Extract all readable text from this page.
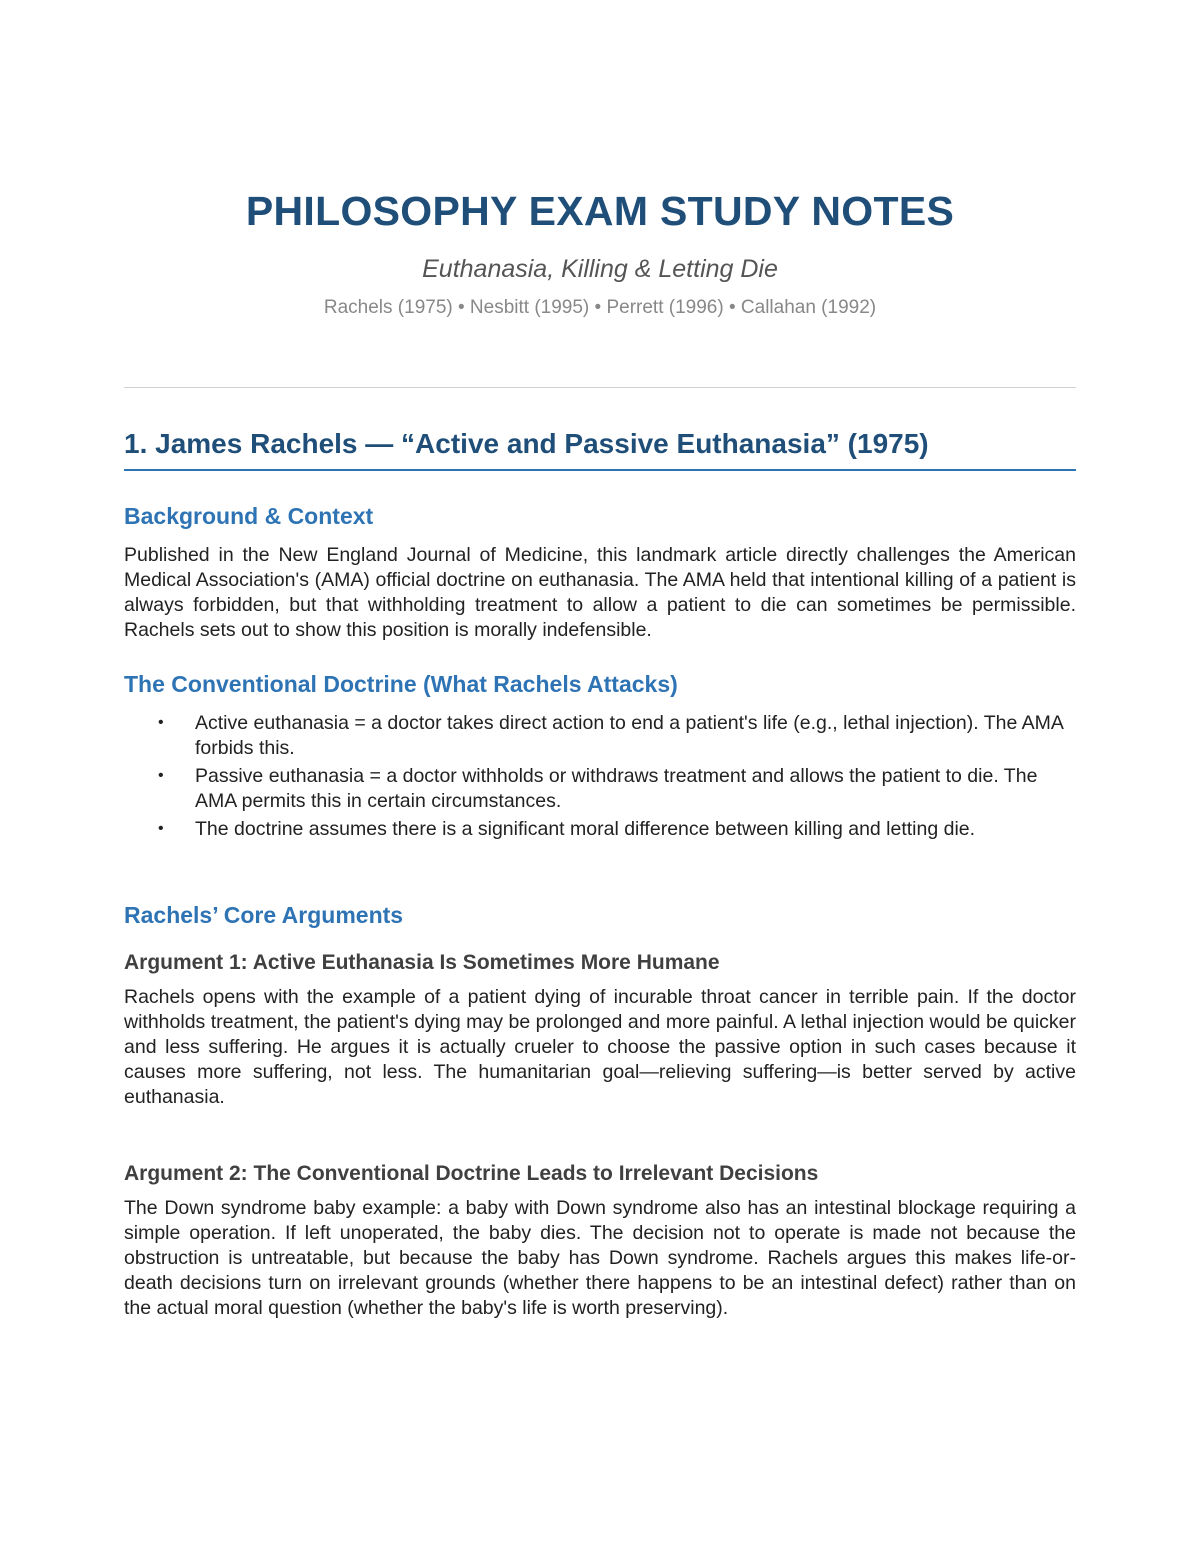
PHILOSOPHY EXAM STUDY NOTES

Euthanasia, Killing & Letting Die

Rachels (1975) • Nesbitt (1995) • Perrett (1996) • Callahan (1992)

1. James Rachels — “Active and Passive Euthanasia” (1975)
Background & Context

Published in the New England Journal of Medicine, this landmark article directly challenges the American Medical Association's (AMA) official doctrine on euthanasia. The AMA held that intentional killing of a patient is always forbidden, but that withholding treatment to allow a patient to die can sometimes be permissible. Rachels sets out to show this position is morally indefensible.

The Conventional Doctrine (What Rachels Attacks)
• Active euthanasia = a doctor takes direct action to end a patient's life (e.g., lethal injection). The AMA forbids this.
• Passive euthanasia = a doctor withholds or withdraws treatment and allows the patient to die. The AMA permits this in certain circumstances.
• The doctrine assumes there is a significant moral difference between killing and letting die.
Rachels’ Core Arguments
Argument 1: Active Euthanasia Is Sometimes More Humane

Rachels opens with the example of a patient dying of incurable throat cancer in terrible pain. If the doctor withholds treatment, the patient's dying may be prolonged and more painful. A lethal injection would be quicker and less suffering. He argues it is actually crueler to choose the passive option in such cases because it causes more suffering, not less. The humanitarian goal—relieving suffering—is better served by active euthanasia.

Argument 2: The Conventional Doctrine Leads to Irrelevant Decisions

The Down syndrome baby example: a baby with Down syndrome also has an intestinal blockage requiring a simple operation. If left unoperated, the baby dies. The decision not to operate is made not because the obstruction is untreatable, but because the baby has Down syndrome. Rachels argues this makes life-or-death decisions turn on irrelevant grounds (whether there happens to be an intestinal defect) rather than on the actual moral question (whether the baby's life is worth preserving).
